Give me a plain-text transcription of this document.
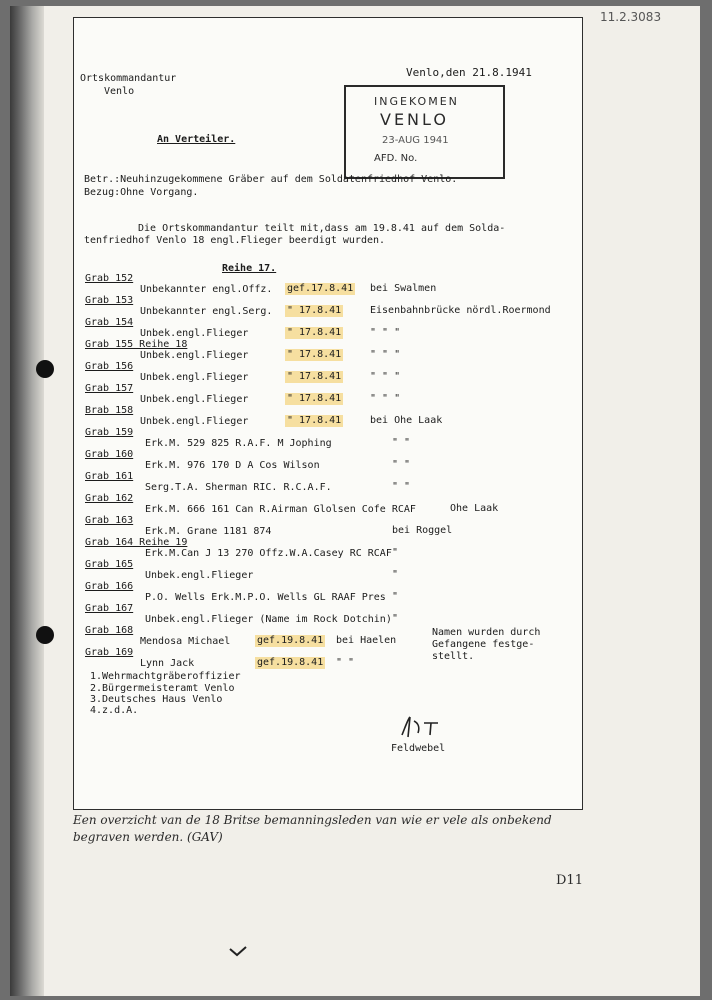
11.2.3083
Ortskommandantur
Venlo
Venlo,den 21.8.1941
INGEKOMEN
VENLO
23-AUG 1941
AFD. No.
An Verteiler.
Betr.:Neuhinzugekommene Gräber auf dem Soldatenfriedhof Venlo.
Bezug:Ohne Vorgang.
Die Ortskommandantur teilt mit,dass am 19.8.41 auf dem Solda-
tenfriedhof Venlo 18 engl.Flieger beerdigt wurden.
Reihe 17.
Grab 152
Unbekannter engl.Offz. gef.17.8.41 bei Swalmen
Grab 153
Unbekannter engl.Serg. " 17.8.41	Eisenbahnbrücke nördl.Roermond
Grab 154
Unbek.engl.Flieger	" 17.8.41	" " "
Grab 155 Reihe 18
Unbek.engl.Flieger	" 17.8.41	" " "
Grab 156
Unbek.engl.Flieger	" 17.8.41	" " "
Grab 157
Unbek.engl.Flieger	" 17.8.41	" " "
Brab 158
Unbek.engl.Flieger	" 17.8.41	bei Ohe Laak
Grab 159
Erk.M. 529 825 R.A.F. M Jophing	" "
Grab 160
Erk.M. 976 170 D A Cos Wilson	" "
Grab 161
Serg.T.A. Sherman RIC. R.C.A.F.	" "
Grab 162
Erk.M. 666 161 Can R.Airman Glolsen Cofe RCAF	Ohe Laak
Grab 163
Erk.M. Grane 1181 874	bei Roggel
Grab 164 Reihe 19
Erk.M.Can J 13 270 Offz.W.A.Casey RC RCAF "
Grab 165
Unbek.engl.Flieger	"
Grab 166
P.O. Wells Erk.M.P.O. Wells GL RAAF Pres "
Grab 167
Unbek.engl.Flieger (Name im Rock Dotchin) "
Grab 168
Mendosa Michael	gef.19.8.41 bei Haelen
Grab 169
Lynn Jack	gef.19.8.41 " "
Namen wurden durch
Gefangene festge-
stellt.
1.Wehrmachtgräberoffizier
2.Bürgermeisteramt Venlo
3.Deutsches Haus Venlo
4.z.d.A.
Feldwebel
Een overzicht van de 18 Britse bemanningsleden van wie er vele als onbekend begraven werden. (GAV)
D11
